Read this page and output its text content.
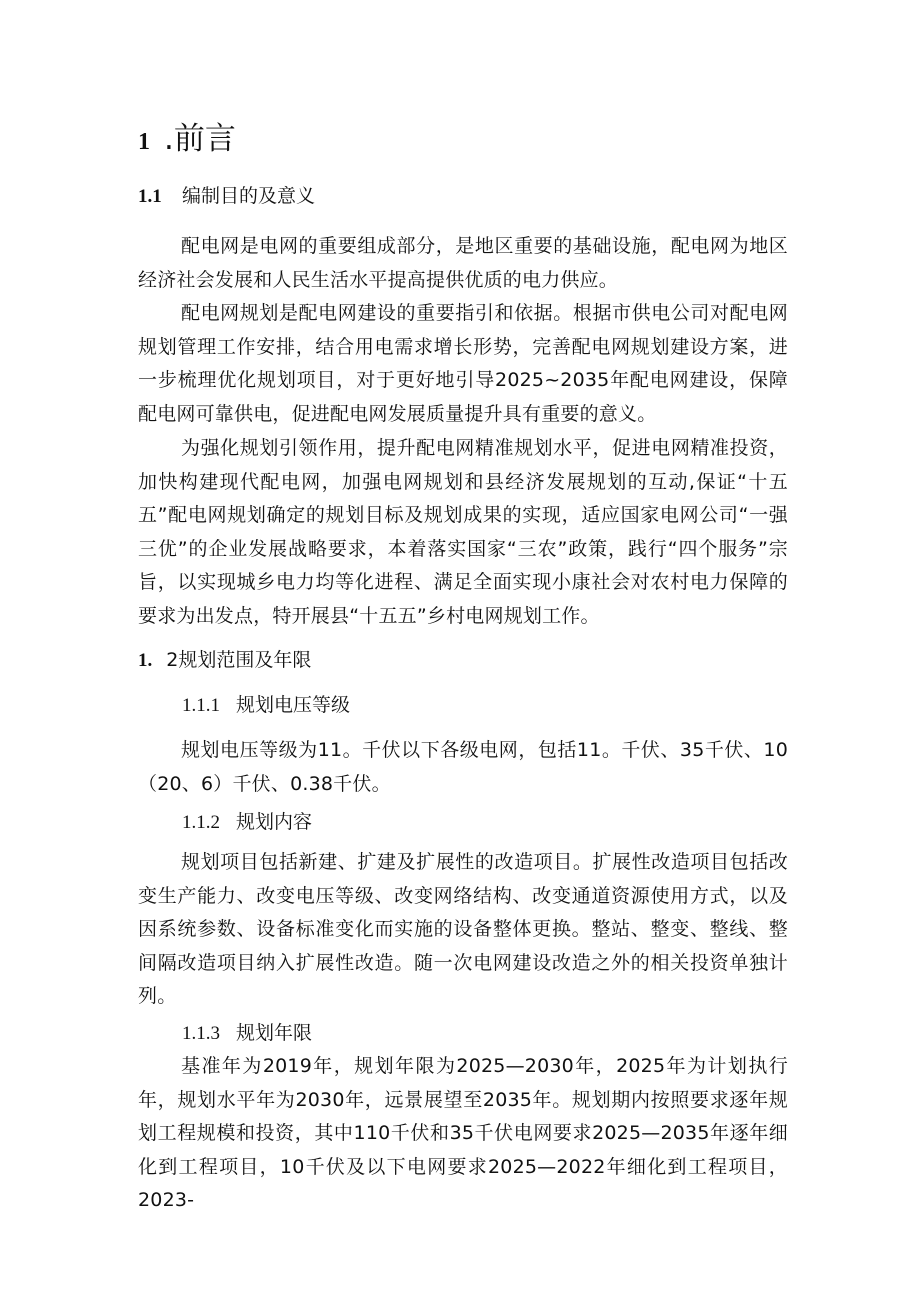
1 .前言
1.1 编制目的及意义

配电网是电网的重要组成部分，是地区重要的基础设施，配电网为地区经济社会发展和人民生活水平提高提供优质的电力供应。

配电网规划是配电网建设的重要指引和依据。根据市供电公司对配电网规划管理工作安排，结合用电需求增长形势，完善配电网规划建设方案，进一步梳理优化规划项目，对于更好地引导2025~2035年配电网建设，保障配电网可靠供电，促进配电网发展质量提升具有重要的意义。

为强化规划引领作用，提升配电网精准规划水平，促进电网精准投资，加快构建现代配电网，加强电网规划和县经济发展规划的互动,保证“十五五”配电网规划确定的规划目标及规划成果的实现，适应国家电网公司“一强三优”的企业发展战略要求，本着落实国家“三农”政策，践行“四个服务”宗旨，以实现城乡电力均等化进程、满足全面实现小康社会对农村电力保障的要求为出发点，特开展县“十五五”乡村电网规划工作。

1. 2规划范围及年限
1.1.1 规划电压等级

规划电压等级为11。千伏以下各级电网，包括11。千伏、35千伏、10（20、6）千伏、0.38千伏。

1.1.2 规划内容

规划项目包括新建、扩建及扩展性的改造项目。扩展性改造项目包括改变生产能力、改变电压等级、改变网络结构、改变通道资源使用方式，以及因系统参数、设备标准变化而实施的设备整体更换。整站、整变、整线、整间隔改造项目纳入扩展性改造。随一次电网建设改造之外的相关投资单独计列。

1.1.3 规划年限

基准年为2019年，规划年限为2025—2030年，2025年为计划执行年，规划水平年为2030年，远景展望至2035年。规划期内按照要求逐年规划工程规模和投资，其中110千伏和35千伏电网要求2025—2035年逐年细化到工程项目，10千伏及以下电网要求2025—2022年细化到工程项目，2023-
